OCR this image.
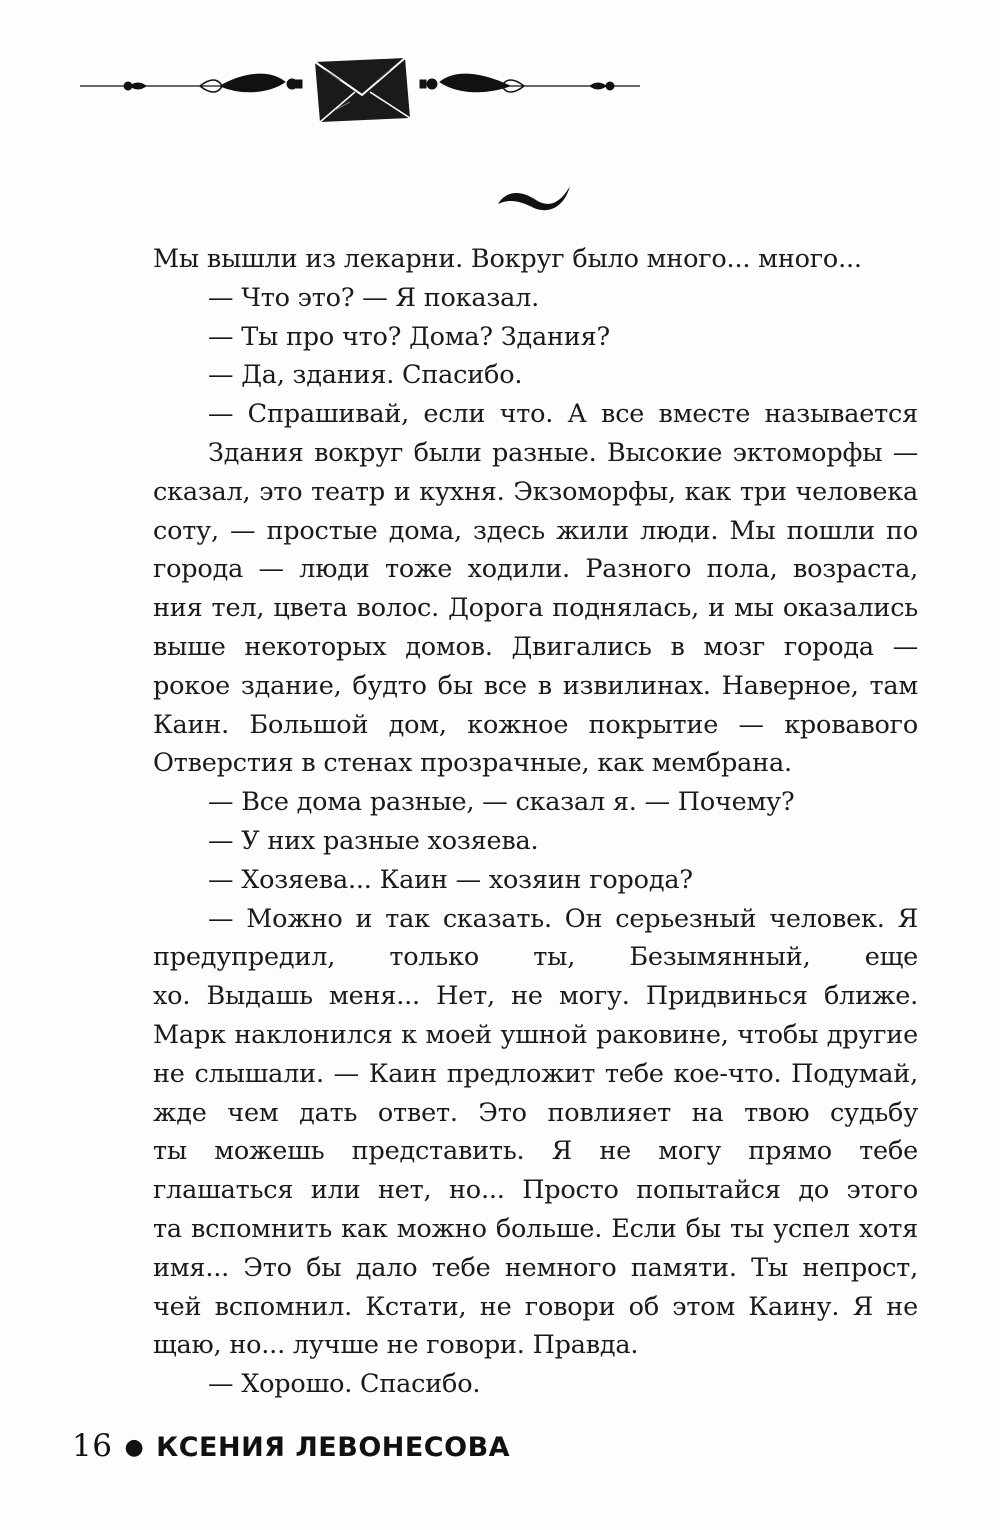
Мы вышли из лекарни. Вокруг было много... много...
— Что это? — Я показал.
— Ты про что? Дома? Здания?
— Да, здания. Спасибо.
— Спрашивай, если что. А все вместе называется
Здания вокруг были разные. Высокие эктоморфы —
сказал, это театр и кухня. Экзоморфы, как три человека
соту, — простые дома, здесь жили люди. Мы пошли по
города — люди тоже ходили. Разного пола, возраста,
ния тел, цвета волос. Дорога поднялась, и мы оказались
выше некоторых домов. Двигались в мозг города —
рокое здание, будто бы все в извилинах. Наверное, там
Каин. Большой дом, кожное покрытие — кровавого
Отверстия в стенах прозрачные, как мембрана.
— Все дома разные, — сказал я. — Почему?
— У них разные хозяева.
— Хозяева... Каин — хозяин города?
— Можно и так сказать. Он серьезный человек. Я
предупредил, только ты, Безымянный, еще
хо. Выдашь меня... Нет, не могу. Придвинься ближе.
Марк наклонился к моей ушной раковине, чтобы другие
не слышали. — Каин предложит тебе кое-что. Подумай,
жде чем дать ответ. Это повлияет на твою судьбу
ты можешь представить. Я не могу прямо тебе
глашаться или нет, но... Просто попытайся до этого
та вспомнить как можно больше. Если бы ты успел хотя
имя... Это бы дало тебе немного памяти. Ты непрост,
чей вспомнил. Кстати, не говори об этом Каину. Я не
щаю, но... лучше не говори. Правда.
— Хорошо. Спасибо.
16 ● КСЕНИЯ ЛЕВОНЕСОВА
